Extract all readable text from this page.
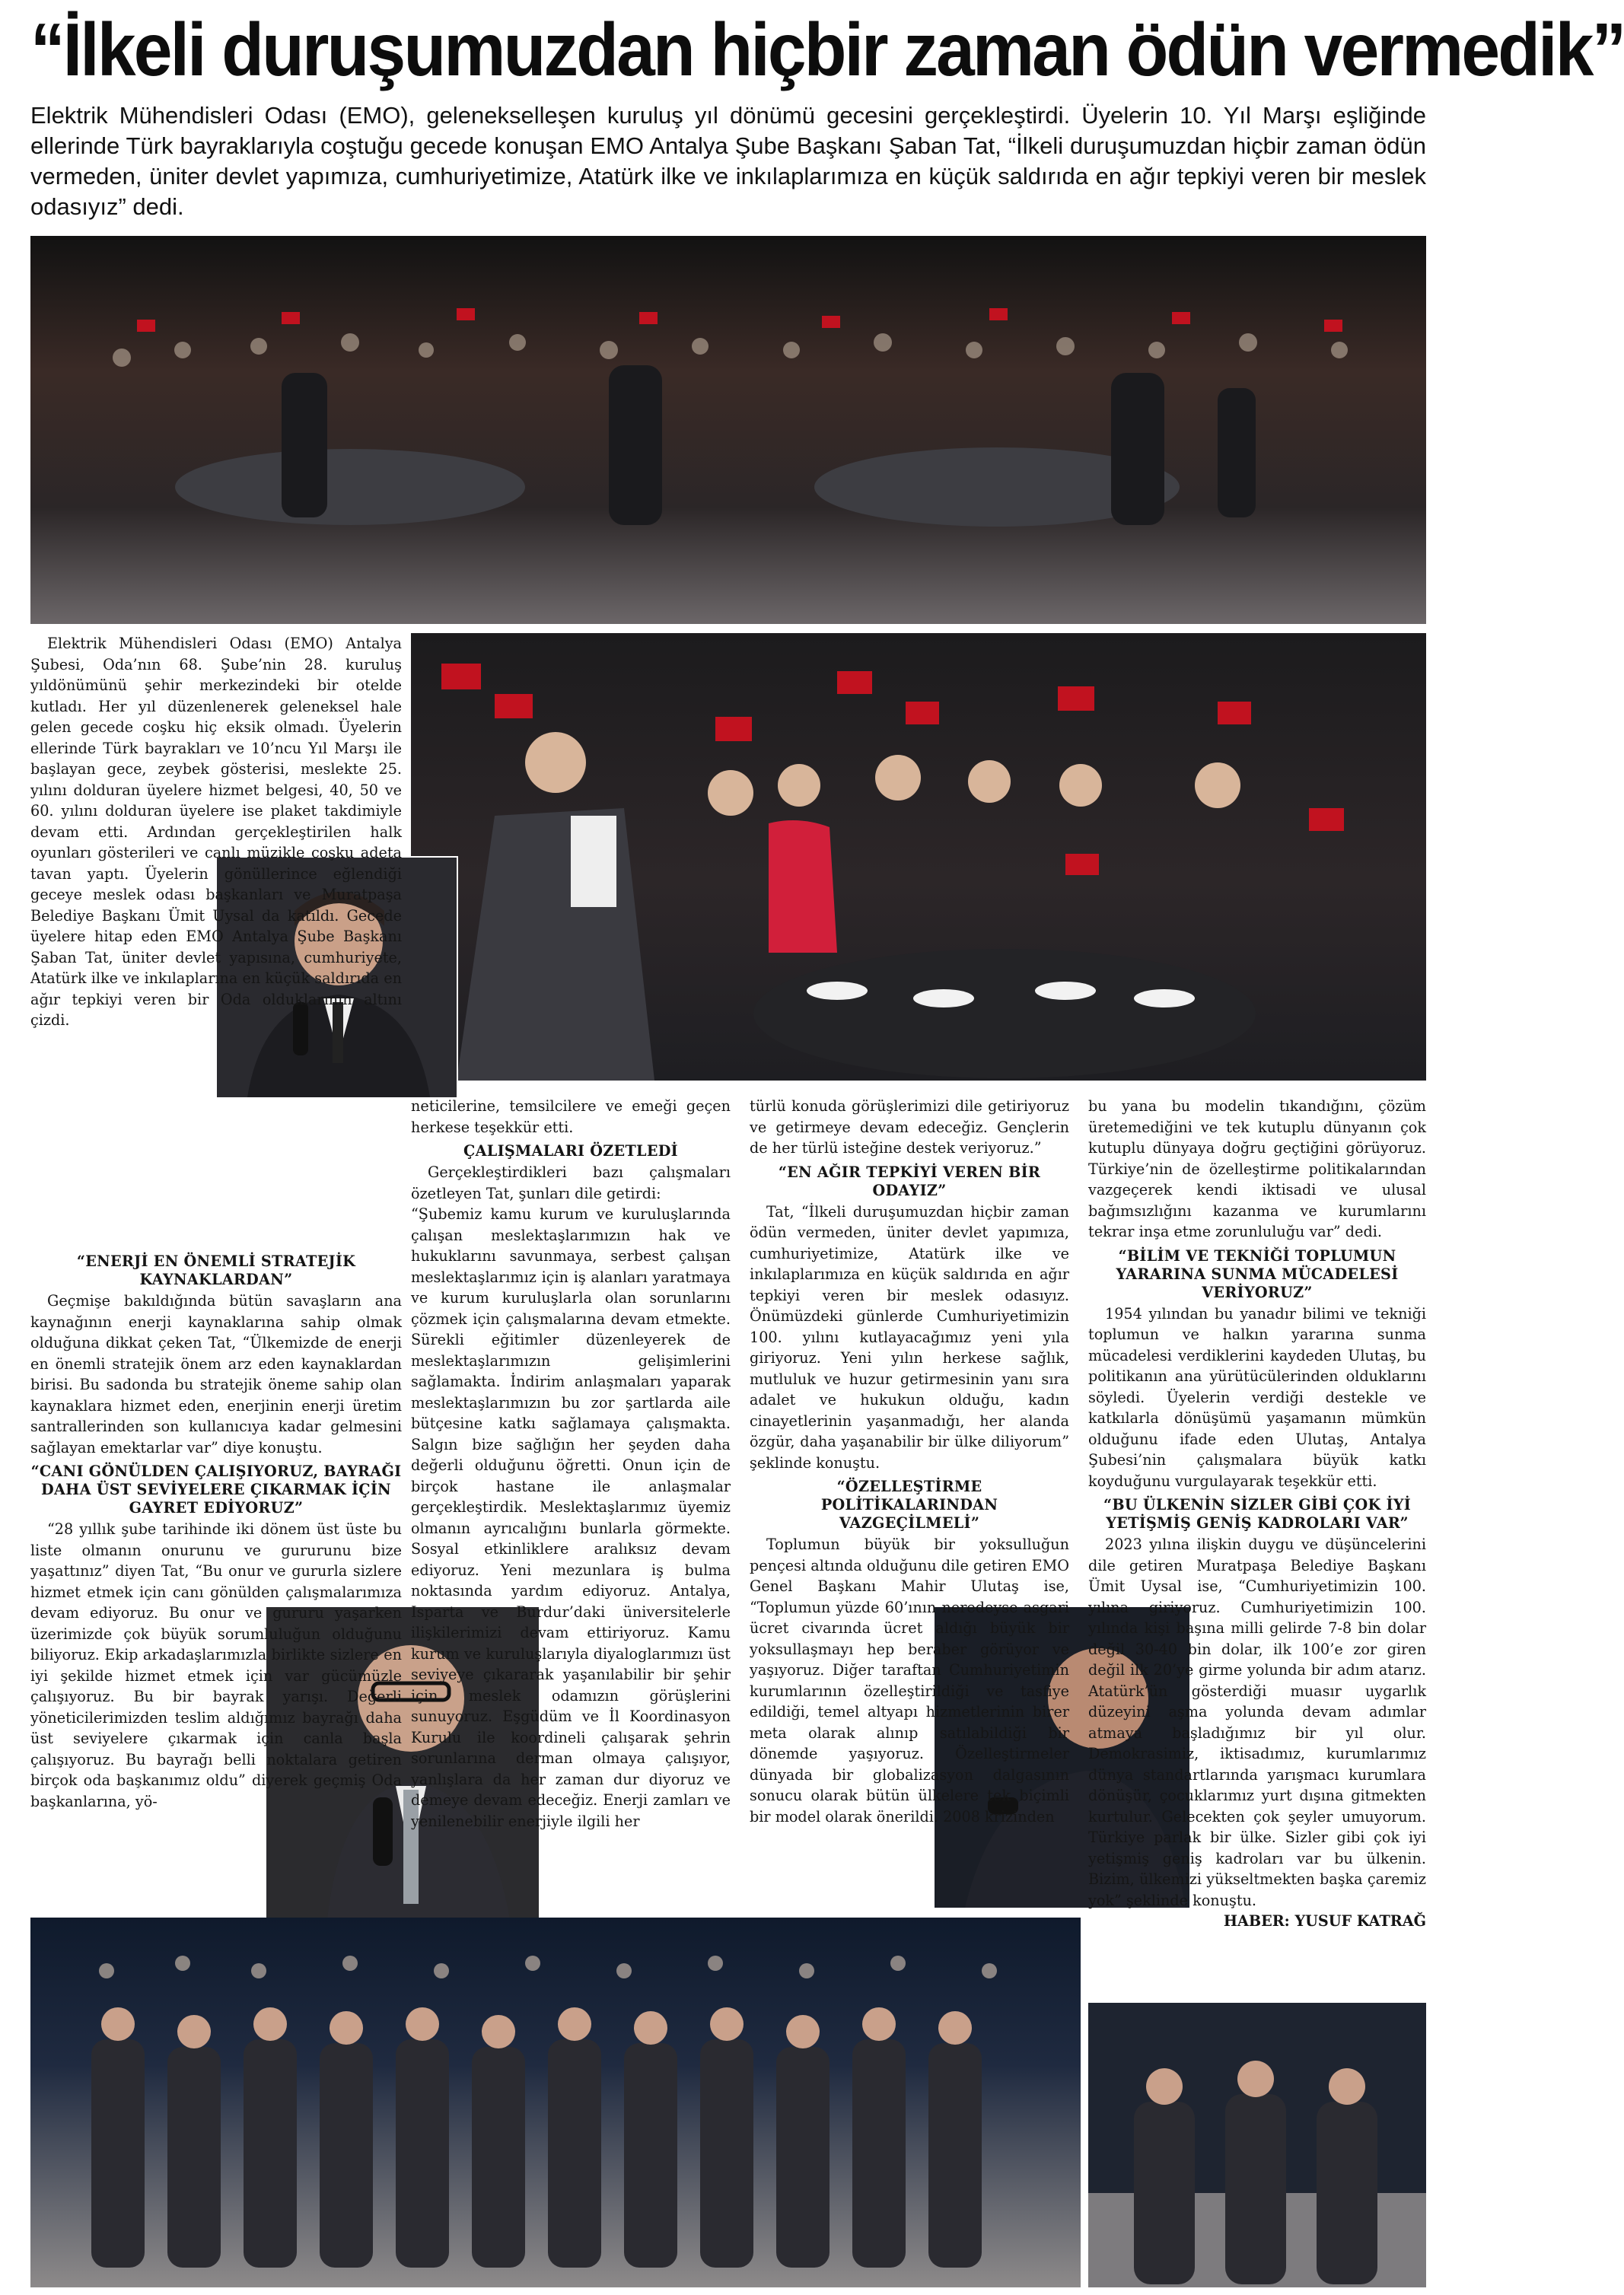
“İlkeli duruşumuzdan hiçbir zaman ödün vermedik”
Elektrik Mühendisleri Odası (EMO), gelenekselleşen kuruluş yıl dönümü gecesini gerçekleştirdi. Üyelerin 10. Yıl Marşı eşliğinde ellerinde Türk bayraklarıyla coştuğu gecede konuşan EMO Antalya Şube Başkanı Şaban Tat, “İlkeli duruşumuzdan hiçbir zaman ödün vermeden, üniter devlet yapımıza, cumhuriyetimize, Atatürk ilke ve inkılaplarımıza en küçük saldırıda en ağır tepkiyi veren bir meslek odasıyız” dedi.

Elektrik Mühendisleri Odası (EMO) Antalya Şubesi, Oda’nın 68. Şube’nin 28. kuruluş yıldönümünü şehir merkezindeki bir otelde kutladı. Her yıl düzenlenerek geleneksel hale gelen gecede coşku hiç eksik olmadı. Üyelerin ellerinde Türk bayrakları ve 10’ncu Yıl Marşı ile başlayan gece, zeybek gösterisi, meslekte 25. yılını dolduran üyelere hizmet belgesi, 40, 50 ve 60. yılını dolduran üyelere ise plaket takdimiyle devam etti. Ardından gerçekleştirilen halk oyunları gösterileri ve canlı müzikle coşku adeta tavan yaptı. Üyelerin gönüllerince eğlendiği geceye meslek odası başkanları ve Muratpaşa Belediye Başkanı Ümit Uysal da katıldı. Gecede üyelere hitap eden EMO Antalya Şube Başkanı Şaban Tat, üniter devlet yapısına, cumhuriyete, Atatürk ilke ve inkılaplarına en küçük saldırıda en ağır tepkiyi veren bir Oda olduklarının altını çizdi.

“ENERJİ EN ÖNEMLİ STRATEJİK KAYNAKLARDAN”

Geçmişe bakıldığında bütün savaşların ana kaynağının enerji kaynaklarına sahip olmak olduğuna dikkat çeken Tat, “Ülkemizde de enerji en önemli stratejik önem arz eden kaynaklardan birisi. Bu sadonda bu stratejik öneme sahip olan kaynaklara hizmet eden, enerjinin enerji üretim santrallerinden son kullanıcıya kadar gelmesini sağlayan emektarlar var” diye konuştu.

“CANI GÖNÜLDEN ÇALIŞIYORUZ, BAYRAĞI DAHA ÜST SEVİYELERE ÇIKARMAK İÇİN GAYRET EDİYORUZ”

“28 yıllık şube tarihinde iki dönem üst üste bu liste olmanın onurunu ve gururunu bize yaşattınız” diyen Tat, “Bu onur ve gururla sizlere hizmet etmek için canı gönülden çalışmalarımıza devam ediyoruz. Bu onur ve gururu yaşarken üzerimizde çok büyük sorumluluğun olduğunu biliyoruz. Ekip arkadaşlarımızla birlikte sizlere en iyi şekilde hizmet etmek için var gücümüzle çalışıyoruz. Bu bir bayrak yarışı. Değerli yöneticilerimizden teslim aldığımız bayrağı daha üst seviyelere çıkarmak için canla başla çalışıyoruz. Bu bayrağı belli noktalara getiren birçok oda başkanımız oldu” diyerek geçmiş Oda başkanlarına, yö-

neticilerine, temsilcilere ve emeği geçen herkese teşekkür etti.

ÇALIŞMALARI ÖZETLEDİ

Gerçekleştirdikleri bazı çalışmaları özetleyen Tat, şunları dile getirdi:

“Şubemiz kamu kurum ve kuruluşlarında çalışan meslektaşlarımızın hak ve hukuklarını savunmaya, serbest çalışan meslektaşlarımız için iş alanları yaratmaya ve kurum kuruluşlarla olan sorunlarını çözmek için çalışmalarına devam etmekte. Sürekli eğitimler düzenleyerek de meslektaşlarımızın gelişimlerini sağlamakta. İndirim anlaşmaları yaparak meslektaşlarımızın bu zor şartlarda aile bütçesine katkı sağlamaya çalışmakta. Salgın bize sağlığın her şeyden daha değerli olduğunu öğretti. Onun için de birçok hastane ile anlaşmalar gerçekleştirdik. Meslektaşlarımız üyemiz olmanın ayrıcalığını bunlarla görmekte. Sosyal etkinliklere aralıksız devam ediyoruz. Yeni mezunlara iş bulma noktasında yardım ediyoruz. Antalya, Isparta ve Burdur’daki üniversitelerle ilişkilerimizi devam ettiriyoruz. Kamu kurum ve kuruluşlarıyla diyaloglarımızı üst seviyeye çıkararak yaşanılabilir bir şehir için meslek odamızın görüşlerini sunuyoruz. Eşgüdüm ve İl Koordinasyon Kurulu ile koordineli çalışarak şehrin sorunlarına derman olmaya çalışıyor, yanlışlara da her zaman dur diyoruz ve demeye devam edeceğiz. Enerji zamları ve yenilenebilir enerjiyle ilgili her

türlü konuda görüşlerimizi dile getiriyoruz ve getirmeye devam edeceğiz. Gençlerin de her türlü isteğine destek veriyoruz.”

“EN AĞIR TEPKİYİ VEREN BİR ODAYIZ”

Tat, “İlkeli duruşumuzdan hiçbir zaman ödün vermeden, üniter devlet yapımıza, cumhuriyetimize, Atatürk ilke ve inkılaplarımıza en küçük saldırıda en ağır tepkiyi veren bir meslek odasıyız. Önümüzdeki günlerde Cumhuriyetimizin 100. yılını kutlayacağımız yeni yıla giriyoruz. Yeni yılın herkese sağlık, mutluluk ve huzur getirmesinin yanı sıra adalet ve hukukun olduğu, kadın cinayetlerinin yaşanmadığı, her alanda özgür, daha yaşanabilir bir ülke diliyorum” şeklinde konuştu.

“ÖZELLEŞTİRME POLİTİKALARINDAN VAZGEÇİLMELİ”

Toplumun büyük bir yoksulluğun pençesi altında olduğunu dile getiren EMO Genel Başkanı Mahir Ulutaş ise, “Toplumun yüzde 60’ının neredeyse asgari ücret civarında ücret aldığı büyük bir yoksullaşmayı hep beraber görüyor ve yaşıyoruz. Diğer taraftan Cumhuriyetimin kurumlarının özelleştirildiği ve tasfiye edildiği, temel altyapı hizmetlerinin birer meta olarak alınıp satılabildiği bir dönemde yaşıyoruz. Özelleştirmeler dünyada bir globalizasyon dalgasının sonucu olarak bütün ülkelere tek biçimli bir model olarak önerildi. 2008 krizinden

bu yana bu modelin tıkandığını, çözüm üretemediğini ve tek kutuplu dünyanın çok kutuplu dünyaya doğru geçtiğini görüyoruz. Türkiye’nin de özelleştirme politikalarından vazgeçerek kendi iktisadi ve ulusal bağımsızlığını kazanma ve kurumlarını tekrar inşa etme zorunluluğu var” dedi.

“BİLİM VE TEKNİĞİ TOPLUMUN YARARINA SUNMA MÜCADELESİ VERİYORUZ”

1954 yılından bu yanadır bilimi ve tekniği toplumun ve halkın yararına sunma mücadelesi verdiklerini kaydeden Ulutaş, bu politikanın ana yürütücülerinden olduklarını söyledi. Üyelerin verdiği destekle ve katkılarla dönüşümü yaşamanın mümkün olduğunu ifade eden Ulutaş, Antalya Şubesi’nin çalışmalara büyük katkı koyduğunu vurgulayarak teşekkür etti.

“BU ÜLKENİN SİZLER GİBİ ÇOK İYİ YETİŞMİŞ GENİŞ KADROLARI VAR”

2023 yılına ilişkin duygu ve düşüncelerini dile getiren Muratpaşa Belediye Başkanı Ümit Uysal ise, “Cumhuriyetimizin 100. yılına giriyoruz. Cumhuriyetimizin 100. yılında kişi başına milli gelirde 7-8 bin dolar değil 30-40 bin dolar, ilk 100’e zor giren değil ilk 20’ye girme yolunda bir adım atarız. Atatürk’ün gösterdiği muasır uygarlık düzeyini aşma yolunda devam adımlar atmaya başladığımız bir yıl olur. Demokrasimiz, iktisadımız, kurumlarımız dünya standartlarında yarışmacı kurumlara dönüşür, çocuklarımız yurt dışına gitmekten kurtulur. Gelecekten çok şeyler umuyorum. Türkiye parlak bir ülke. Sizler gibi çok iyi yetişmiş geniş kadroları var bu ülkenin. Bizim, ülkemizi yükseltmekten başka çaremiz yok” şeklinde konuştu.

HABER: YUSUF KATRAĞ
